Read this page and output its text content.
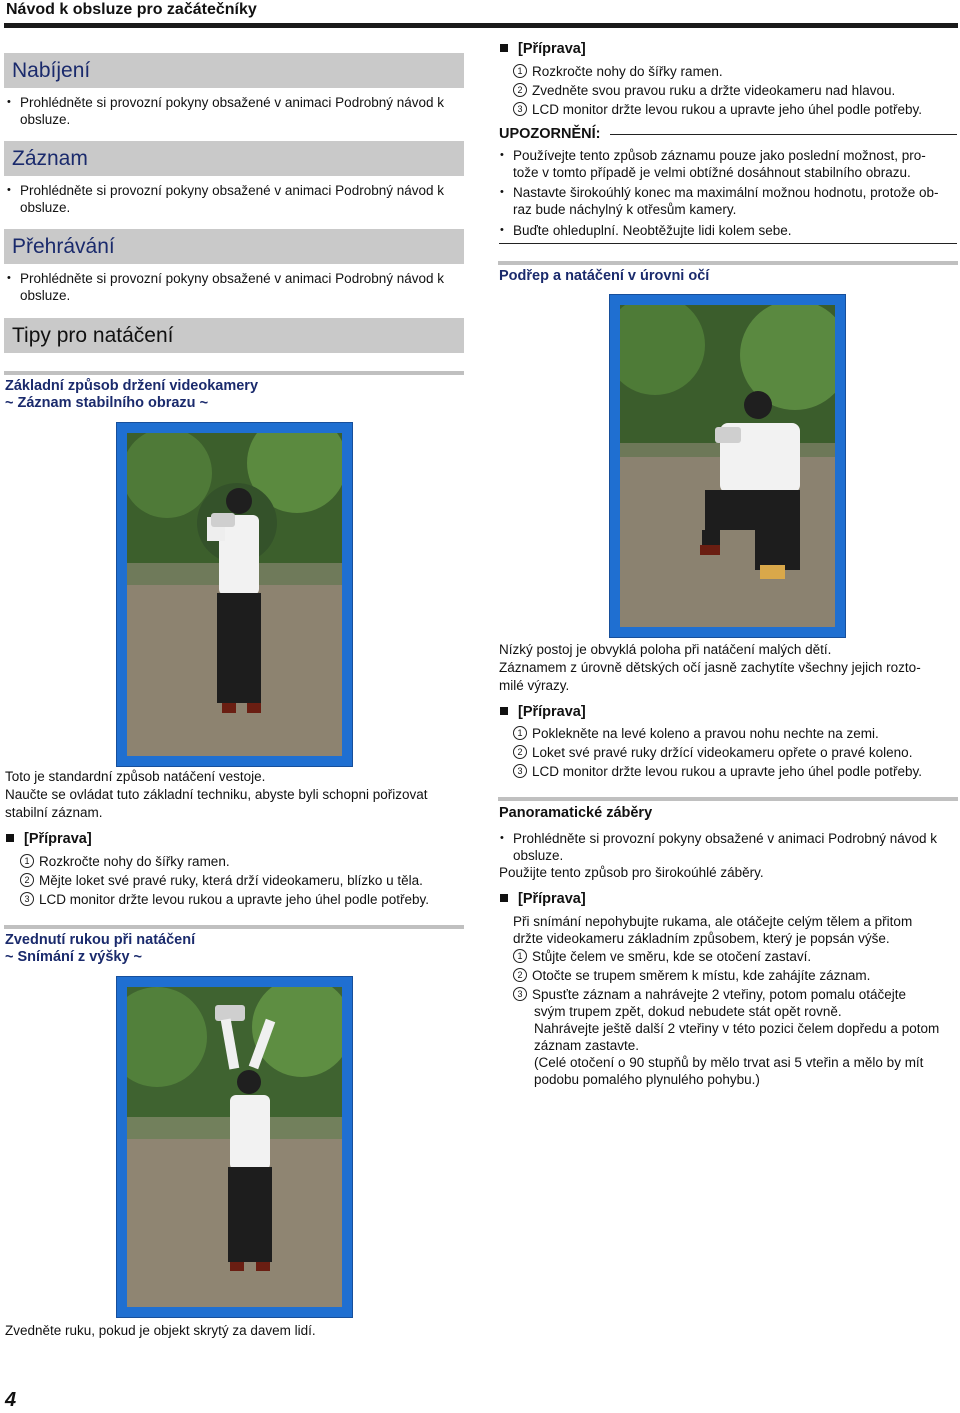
Návod k obsluze pro začátečníky
Nabíjení
• Prohlédněte si provozní pokyny obsažené v animaci Podrobný návod k obsluze.
Záznam
• Prohlédněte si provozní pokyny obsažené v animaci Podrobný návod k obsluze.
Přehrávání
• Prohlédněte si provozní pokyny obsažené v animaci Podrobný návod k obsluze.
Tipy pro natáčení
Základní způsob držení videokamery
~ Záznam stabilního obrazu ~
Toto je standardní způsob natáčení vestoje.
Naučte se ovládat tuto základní techniku, abyste byli schopni pořizovat
stabilní záznam.
[Příprava]
1 Rozkročte nohy do šířky ramen.
2 Mějte loket své pravé ruky, která drží videokameru, blízko u těla.
3 LCD monitor držte levou rukou a upravte jeho úhel podle potřeby.
Zvednutí rukou při natáčení
~ Snímání z výšky ~
Zvedněte ruku, pokud je objekt skrytý za davem lidí.
[Příprava]
1 Rozkročte nohy do šířky ramen.
2 Zvedněte svou pravou ruku a držte videokameru nad hlavou.
3 LCD monitor držte levou rukou a upravte jeho úhel podle potřeby.
UPOZORNĚNÍ:
• Používejte tento způsob záznamu pouze jako poslední možnost, pro-
tože v tomto případě je velmi obtížné dosáhnout stabilního obrazu.
• Nastavte širokoúhlý konec ma maximální možnou hodnotu, protože ob-
raz bude náchylný k otřesům kamery.
• Buďte ohleduplní. Neobtěžujte lidi kolem sebe.
Podřep a natáčení v úrovni očí
Nízký postoj je obvyklá poloha při natáčení malých dětí.
Záznamem z úrovně dětských očí jasně zachytíte všechny jejich rozto-
milé výrazy.
[Příprava]
1 Poklekněte na levé koleno a pravou nohu nechte na zemi.
2 Loket své pravé ruky držící videokameru opřete o pravé koleno.
3 LCD monitor držte levou rukou a upravte jeho úhel podle potřeby.
Panoramatické záběry
• Prohlédněte si provozní pokyny obsažené v animaci Podrobný návod k
obsluze.
Použijte tento způsob pro širokoúhlé záběry.
[Příprava]
Při snímání nepohybujte rukama, ale otáčejte celým tělem a přitom
držte videokameru základním způsobem, který je popsán výše.
1 Stůjte čelem ve směru, kde se otočení zastaví.
2 Otočte se trupem směrem k místu, kde zahájíte záznam.
3 Spusťte záznam a nahrávejte 2 vteřiny, potom pomalu otáčejte
svým trupem zpět, dokud nebudete stát opět rovně.
Nahrávejte ještě další 2 vteřiny v této pozici čelem dopředu a potom
záznam zastavte.
(Celé otočení o 90 stupňů by mělo trvat asi 5 vteřin a mělo by mít
podobu pomalého plynulého pohybu.)
4
